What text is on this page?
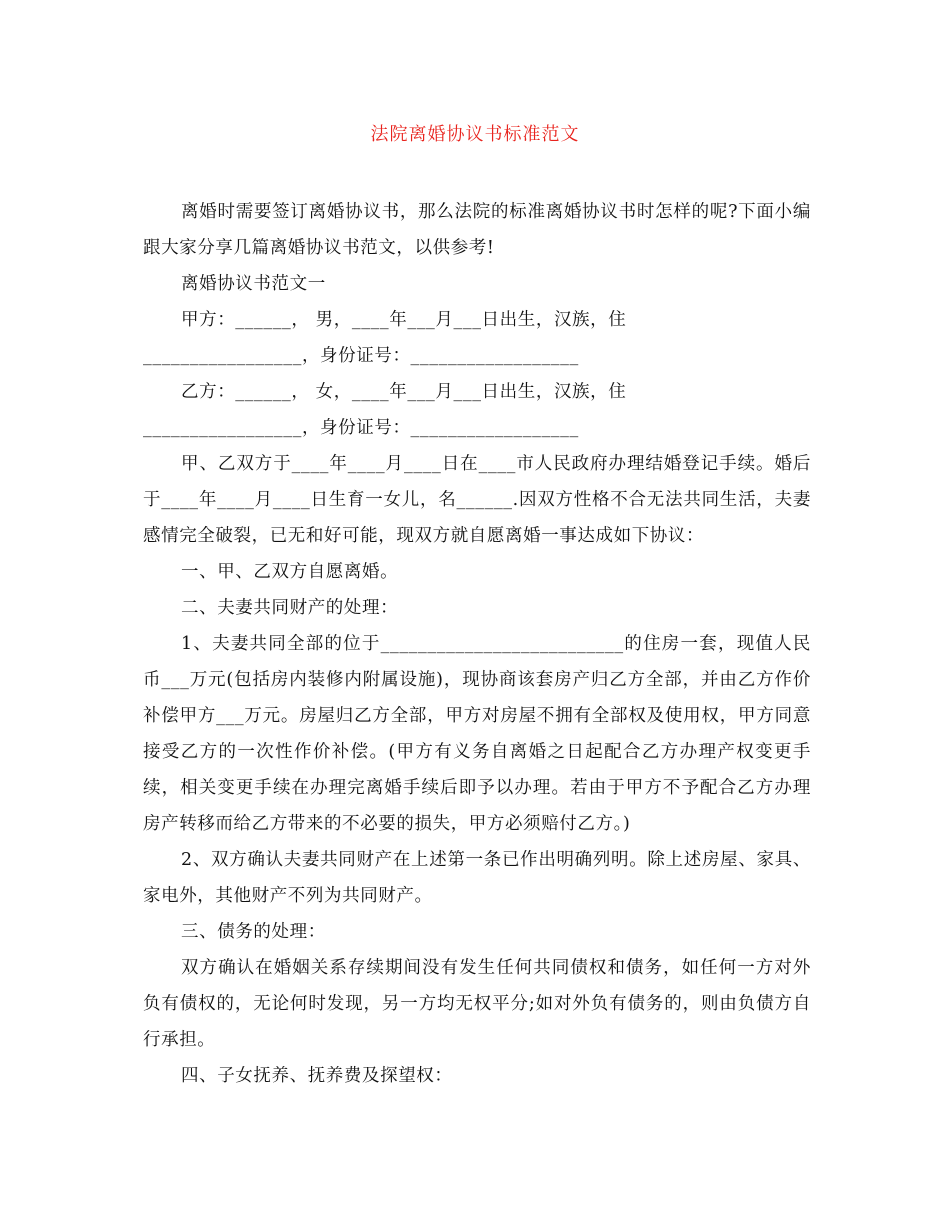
法院离婚协议书标准范文

离婚时需要签订离婚协议书，那么法院的标准离婚协议书时怎样的呢?下面小编跟大家分享几篇离婚协议书范文，以供参考!

离婚协议书范文一

甲方：______， 男，____年___月___日出生，汉族，住

_________________，身份证号：__________________

乙方：______， 女，____年___月___日出生，汉族，住

_________________，身份证号：__________________

甲、乙双方于____年____月____日在____市人民政府办理结婚登记手续。婚后于____年____月____日生育一女儿，名______.因双方性格不合无法共同生活，夫妻感情完全破裂，已无和好可能，现双方就自愿离婚一事达成如下协议：

一、甲、乙双方自愿离婚。

二、夫妻共同财产的处理：

1、夫妻共同全部的位于__________________________的住房一套，现值人民币___万元(包括房内装修内附属设施)，现协商该套房产归乙方全部，并由乙方作价补偿甲方___万元。房屋归乙方全部，甲方对房屋不拥有全部权及使用权，甲方同意接受乙方的一次性作价补偿。(甲方有义务自离婚之日起配合乙方办理产权变更手续，相关变更手续在办理完离婚手续后即予以办理。若由于甲方不予配合乙方办理房产转移而给乙方带来的不必要的损失，甲方必须赔付乙方。)

2、双方确认夫妻共同财产在上述第一条已作出明确列明。除上述房屋、家具、家电外，其他财产不列为共同财产。

三、债务的处理：

双方确认在婚姻关系存续期间没有发生任何共同债权和债务，如任何一方对外负有债权的，无论何时发现，另一方均无权平分;如对外负有债务的，则由负债方自行承担。

四、子女抚养、抚养费及探望权：
